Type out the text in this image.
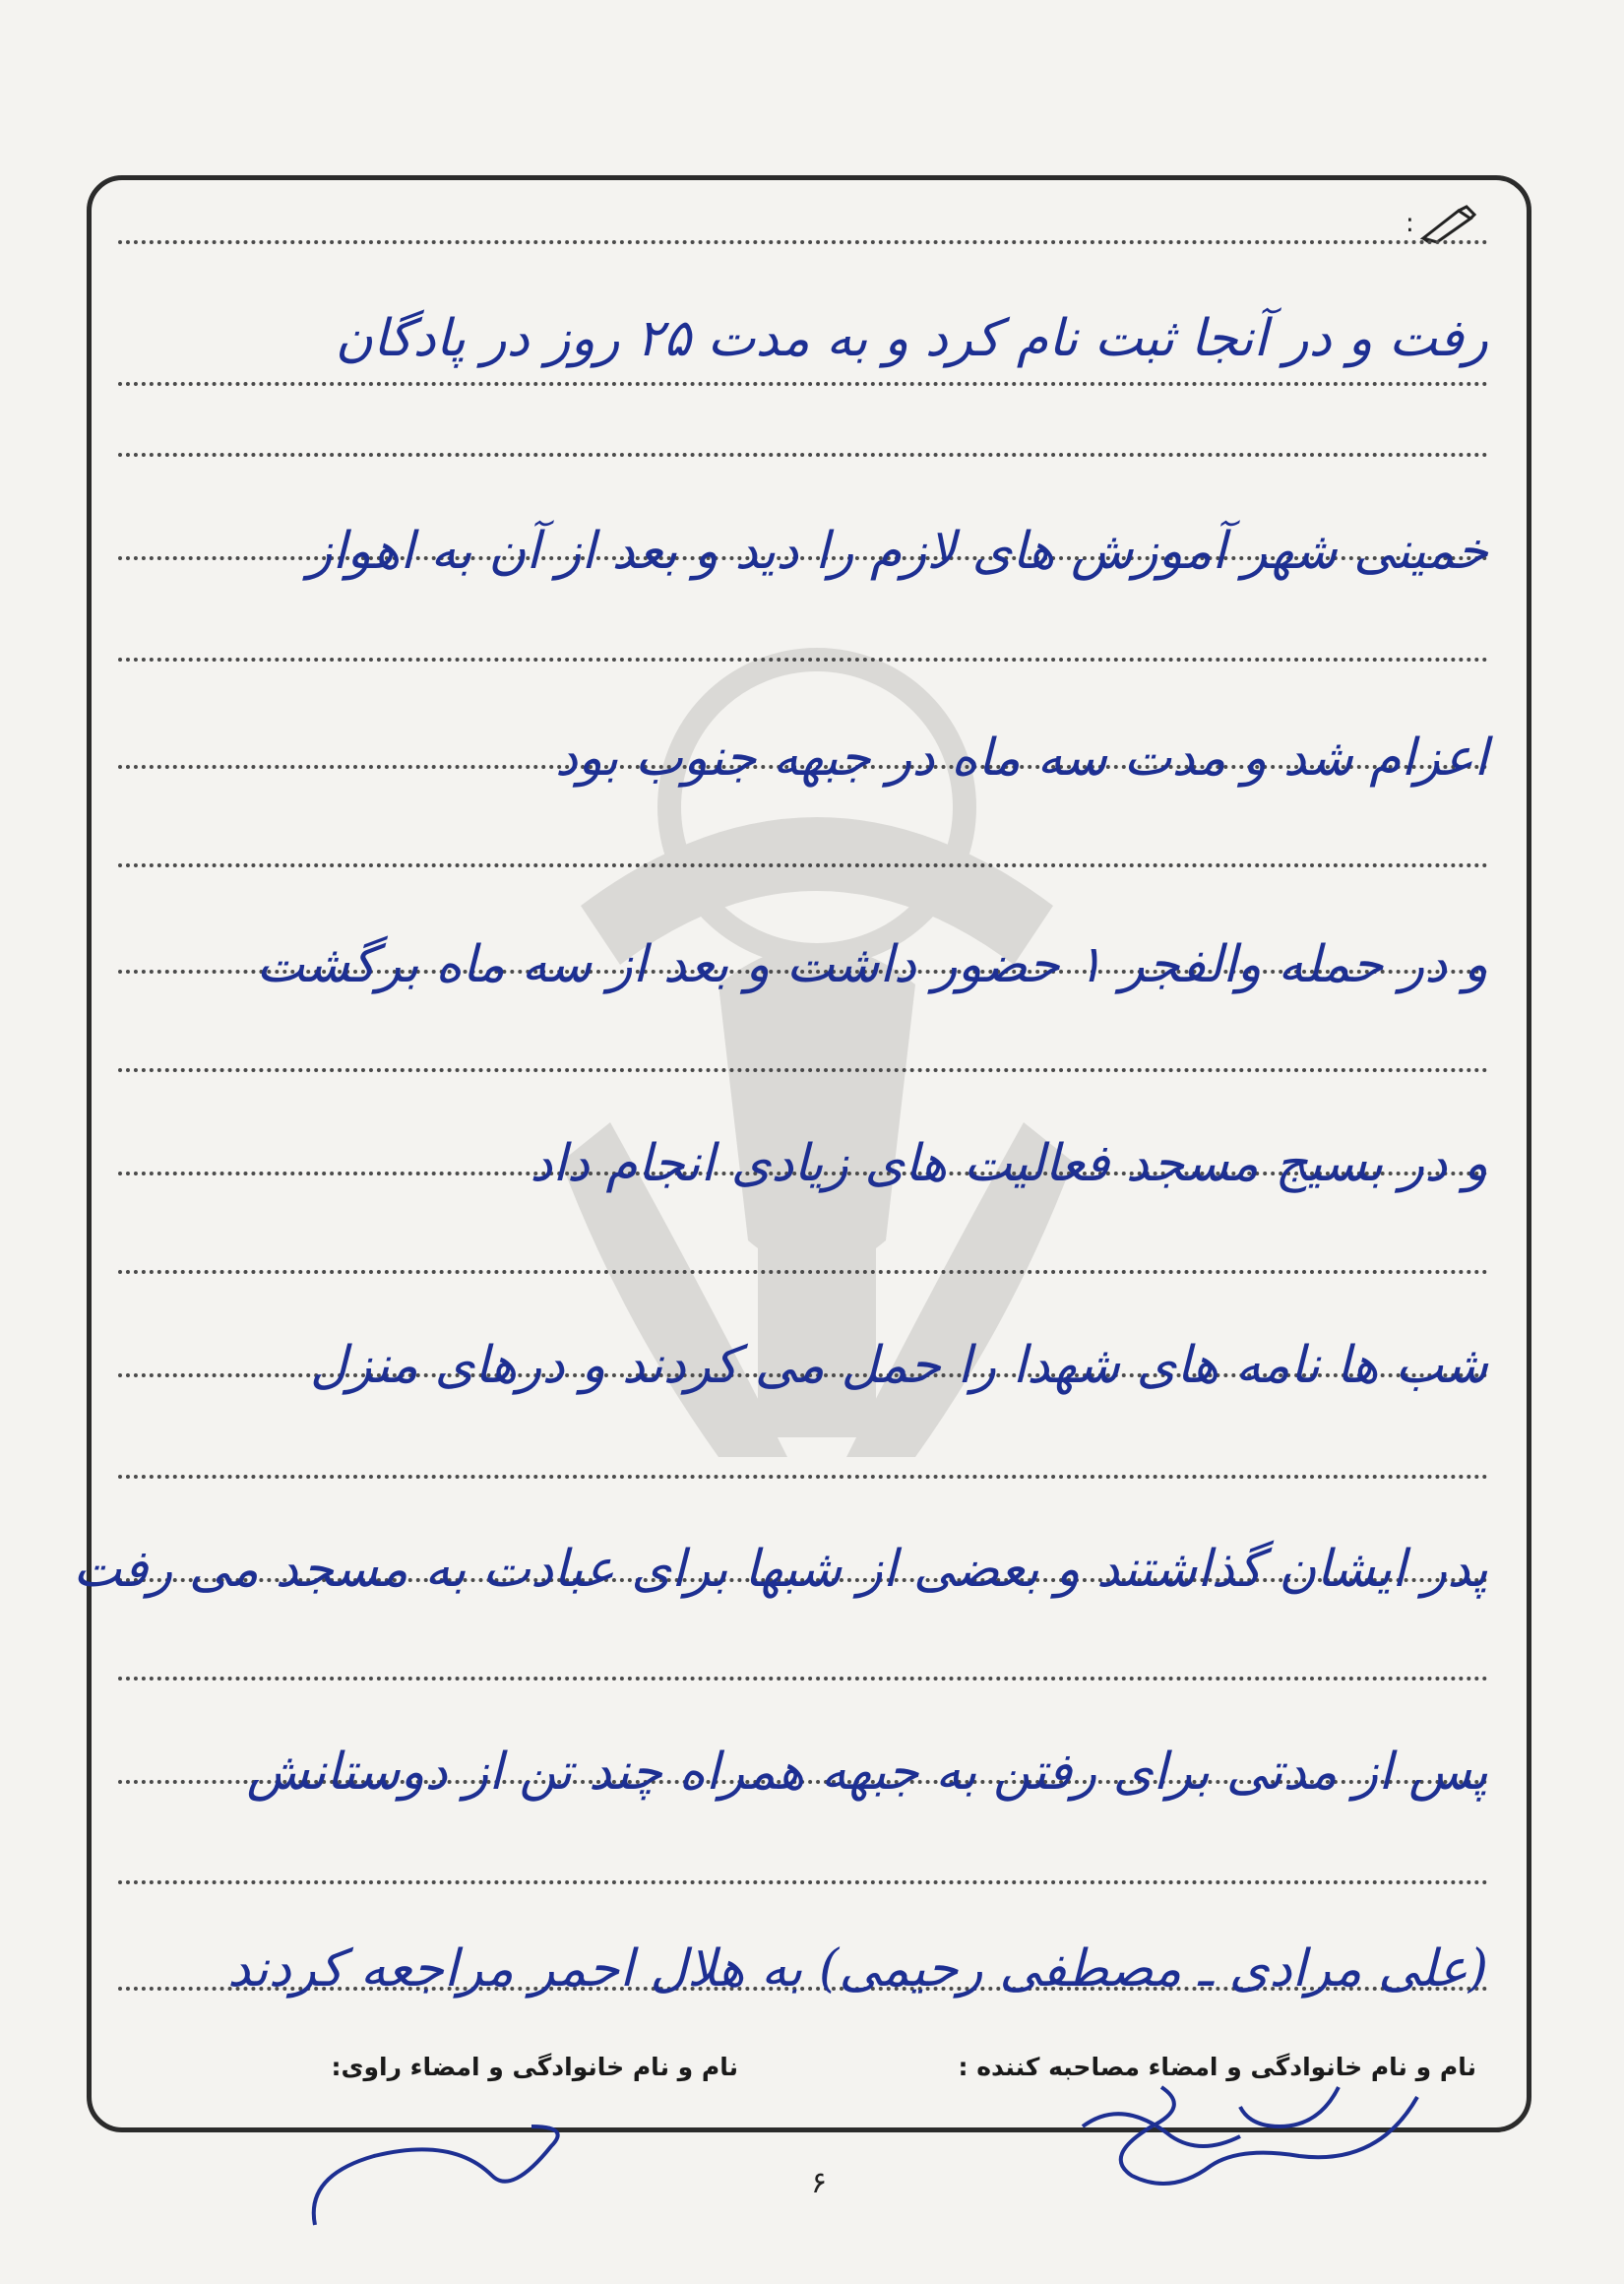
:
رفت و در آنجا ثبت نام کرد و به مدت ۲۵ روز در پادگان
خمینی شهر آموزش های لازم را دید و بعد از آن به اهواز
اعزام شد و مدت سه ماه در جبهه جنوب بود
و در حمله والفجر ۱ حضور داشت و بعد از سه ماه برگشت
و در بسیج مسجد فعالیت های زیادی انجام داد
شب ها نامه های شهدا را حمل می کردند و درهای منزل
پدر ایشان گذاشتند و بعضی از شبها برای عبادت به مسجد می رفت
پس از مدتی برای رفتن به جبهه همراه چند تن از دوستانش
(علی مرادی ـ مصطفی رحیمی) به هلال احمر مراجعه کردند
نام و نام خانوادگی و امضاء مصاحبه کننده :
نام و نام خانوادگی و امضاء راوی:
۶
